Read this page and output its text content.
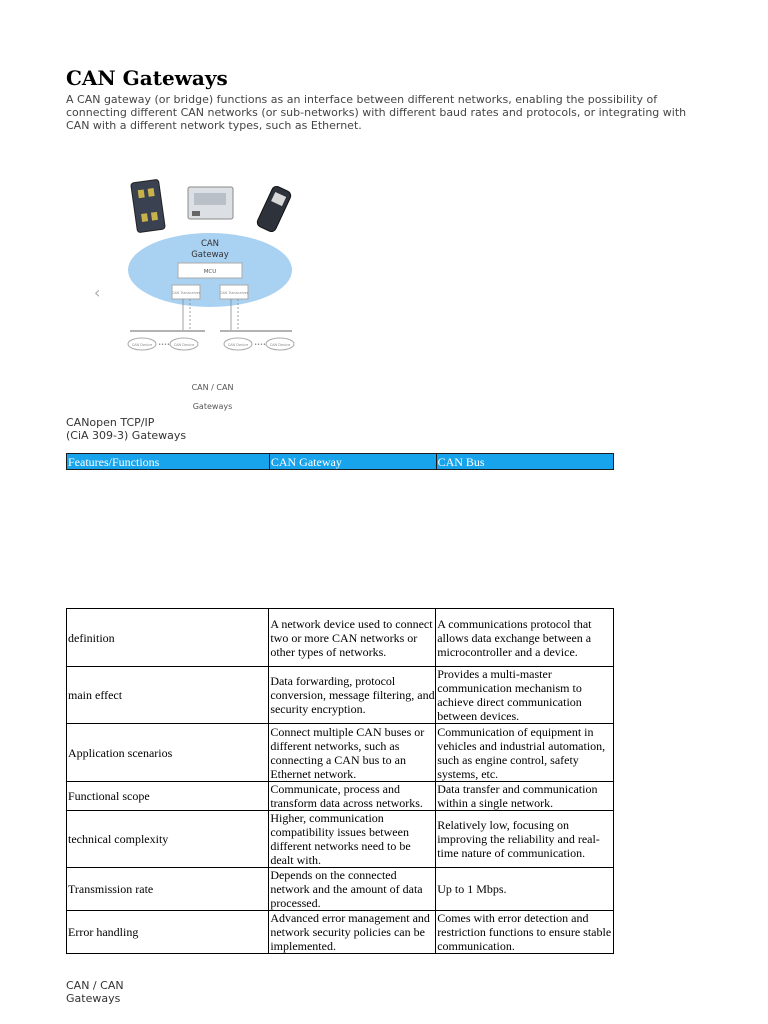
CAN Gateways

A CAN gateway (or bridge) functions as an interface between different networks, enabling the possibility of connecting different CAN networks (or sub-networks) with different baud rates and protocols, or integrating with CAN with a different network types, such as Ethernet.

‹
CAN
Gateway
MCU
CAN Transceiver	CAN Transceiver
CAN Device •••• CAN Device	CAN Device •••• CAN Device
CAN / CAN
Gateways
CANopen TCP/IP
(CiA 309-3) Gateways
Features/Functions	CAN Gateway	CAN Bus
definition	A network device used to connect two or more CAN networks or other types of networks.	A communications protocol that allows data exchange between a microcontroller and a device.
main effect	Data forwarding, protocol conversion, message filtering, and security encryption.	Provides a multi-master communication mechanism to achieve direct communication between devices.
Application scenarios	Connect multiple CAN buses or different networks, such as connecting a CAN bus to an Ethernet network.	Communication of equipment in vehicles and industrial automation, such as engine control, safety systems, etc.
Functional scope	Communicate, process and transform data across networks.	Data transfer and communication within a single network.
technical complexity	Higher, communication compatibility issues between different networks need to be dealt with.	Relatively low, focusing on improving the reliability and real-time nature of communication.
Transmission rate	Depends on the connected network and the amount of data processed.	Up to 1 Mbps.
Error handling	Advanced error management and network security policies can be implemented.	Comes with error detection and restriction functions to ensure stable communication.
CAN / CAN
Gateways
